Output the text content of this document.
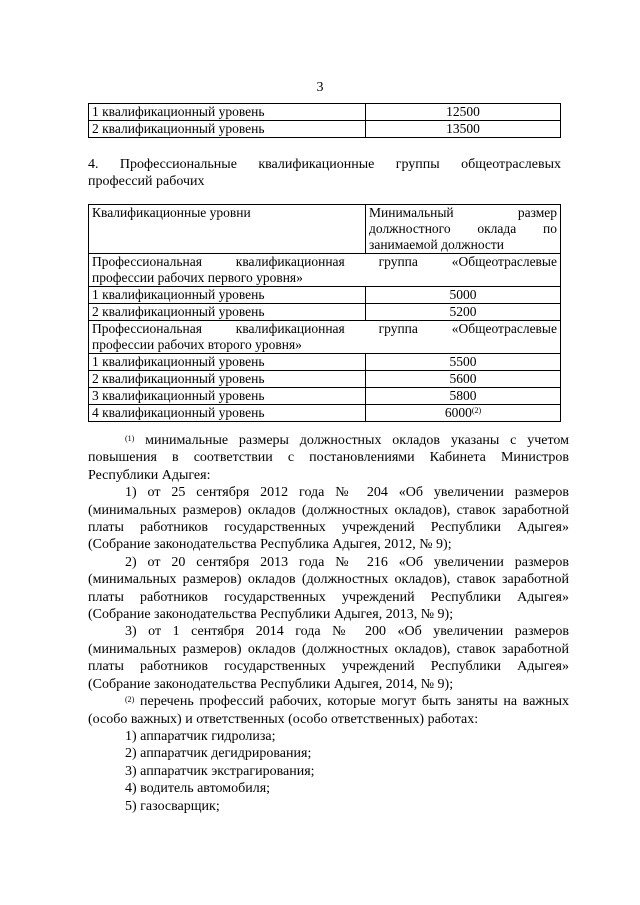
3
1 квалификационный уровень	12500
2 квалификационный уровень	13500
4. Профессиональные квалификационные группы общеотраслевых
профессий рабочих
Квалификационные уровни	Минимальный размер
должностного оклада по
занимаемой должности

Профессиональная квалификационная группа «Общеотраслевые
профессии рабочих первого уровня»	

1 квалификационный уровень	5000
2 квалификационный уровень	5200

Профессиональная квалификационная группа «Общеотраслевые
профессии рабочих второго уровня»	

1 квалификационный уровень	5500
2 квалификационный уровень	5600
3 квалификационный уровень	5800
4 квалификационный уровень	6000$^{(2)}$

$^{(1)}$ минимальные размеры должностных окладов указаны с учетом повышения в соответствии с постановлениями Кабинета Министров Республики Адыгея:

1) от 25 сентября 2012 года № 204 «Об увеличении размеров (минимальных размеров) окладов (должностных окладов), ставок заработной платы работников государственных учреждений Республики Адыгея» (Собрание законодательства Республика Адыгея, 2012, № 9);

2) от 20 сентября 2013 года № 216 «Об увеличении размеров (минимальных размеров) окладов (должностных окладов), ставок заработной платы работников государственных учреждений Республики Адыгея» (Собрание законодательства Республики Адыгея, 2013, № 9);

3) от 1 сентября 2014 года № 200 «Об увеличении размеров (минимальных размеров) окладов (должностных окладов), ставок заработной платы работников государственных учреждений Республики Адыгея» (Собрание законодательства Республики Адыгея, 2014, № 9);

$^{(2)}$ перечень профессий рабочих, которые могут быть заняты на важных (особо важных) и ответственных (особо ответственных) работах:

1) аппаратчик гидролиза;

2) аппаратчик дегидрирования;

3) аппаратчик экстрагирования;

4) водитель автомобиля;

5) газосварщик;
